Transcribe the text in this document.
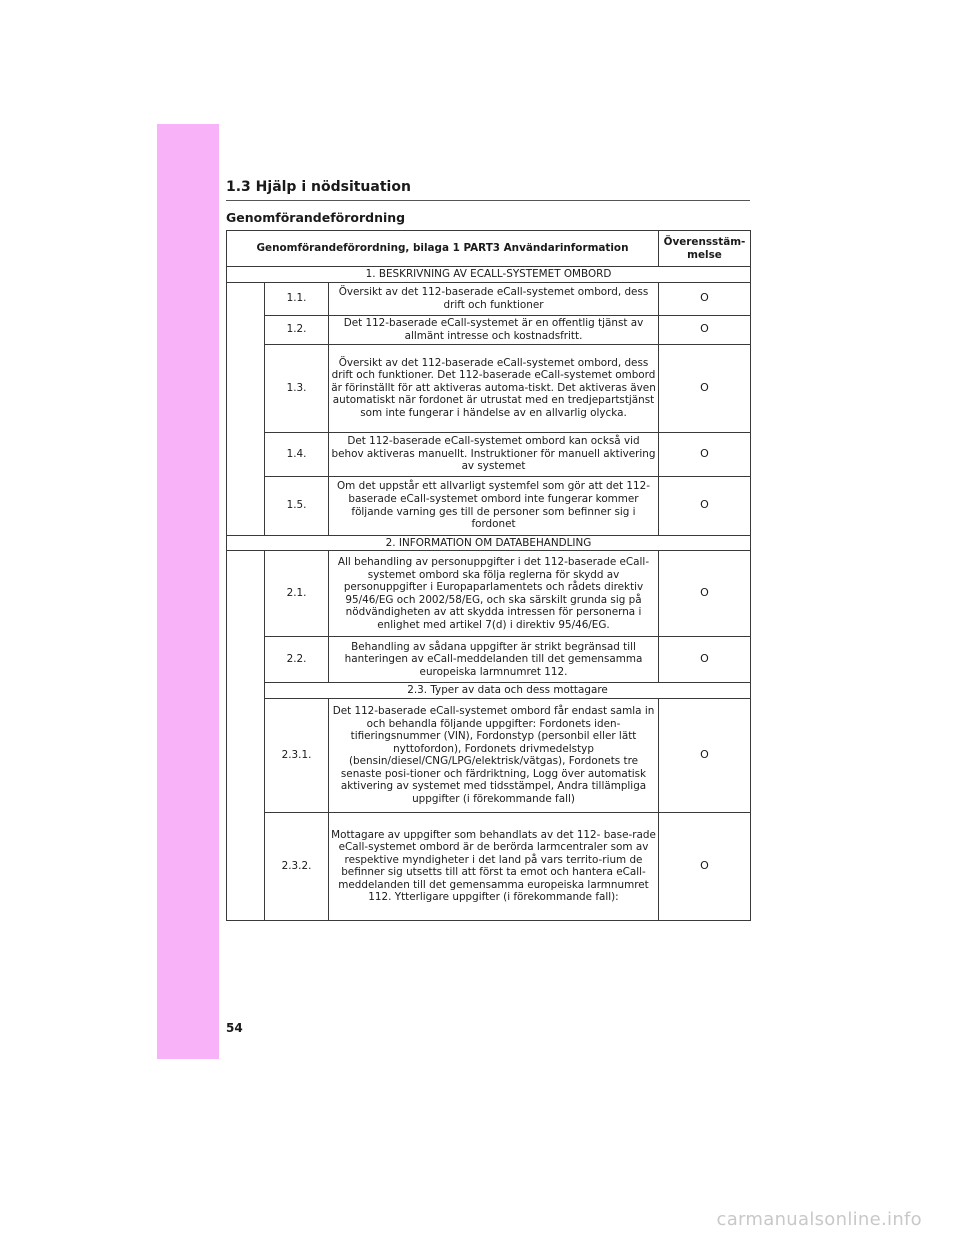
1.3 Hjälp i nödsituation
Genomförandeförordning
Genomförandeförordning, bilaga 1 PART3 Användarinformation			Överensstäm-melse
1. BESKRIVNING AV ECALL-SYSTEMET OMBORD			
	1.1.	Översikt av det 112-baserade eCall-systemet ombord, dess drift och funktioner	O
	1.2.	Det 112-baserade eCall-systemet är en offentlig tjänst av allmänt intresse och kostnadsfritt.	O
	1.3.	Översikt av det 112-baserade eCall-systemet ombord, dess drift och funktioner. Det 112-baserade eCall-systemet ombord är förinställt för att aktiveras automa-tiskt. Det aktiveras även automatiskt när fordonet är utrustat med en tredjepartstjänst som inte fungerar i händelse av en allvarlig olycka.	O
	1.4.	Det 112-baserade eCall-systemet ombord kan också vid behov aktiveras manuellt. Instruktioner för manuell aktivering av systemet	O
	1.5.	Om det uppstår ett allvarligt systemfel som gör att det 112-baserade eCall-systemet ombord inte fungerar kommer följande varning ges till de personer som befinner sig i fordonet	O
2. INFORMATION OM DATABEHANDLING			
	2.1.	All behandling av personuppgifter i det 112-baserade eCall-systemet ombord ska följa reglerna för skydd av personuppgifter i Europaparlamentets och rådets direktiv 95/46/EG och 2002/58/EG, och ska särskilt grunda sig på nödvändigheten av att skydda intressen för personerna i enlighet med artikel 7(d) i direktiv 95/46/EG.	O
	2.2.	Behandling av sådana uppgifter är strikt begränsad till hanteringen av eCall-meddelanden till det gemensamma europeiska larmnumret 112.	O
	2.3. Typer av data och dess mottagare		
	2.3.1.	Det 112-baserade eCall-systemet ombord får endast samla in och behandla följande uppgifter: Fordonets iden-tifieringsnummer (VIN), Fordonstyp (personbil eller lätt nyttofordon), Fordonets drivmedelstyp (bensin/diesel/CNG/LPG/elektrisk/vätgas), Fordonets tre senaste posi-tioner och färdriktning, Logg över automatisk aktivering av systemet med tidsstämpel, Andra tillämpliga uppgifter (i förekommande fall)	O
	2.3.2.	Mottagare av uppgifter som behandlats av det 112- base-rade eCall-systemet ombord är de berörda larmcentraler som av respektive myndigheter i det land på vars territo-rium de befinner sig utsetts till att först ta emot och hantera eCall-meddelanden till det gemensamma europeiska larmnumret 112. Ytterligare uppgifter (i förekommande fall):	O
54
carmanualsonline.info
